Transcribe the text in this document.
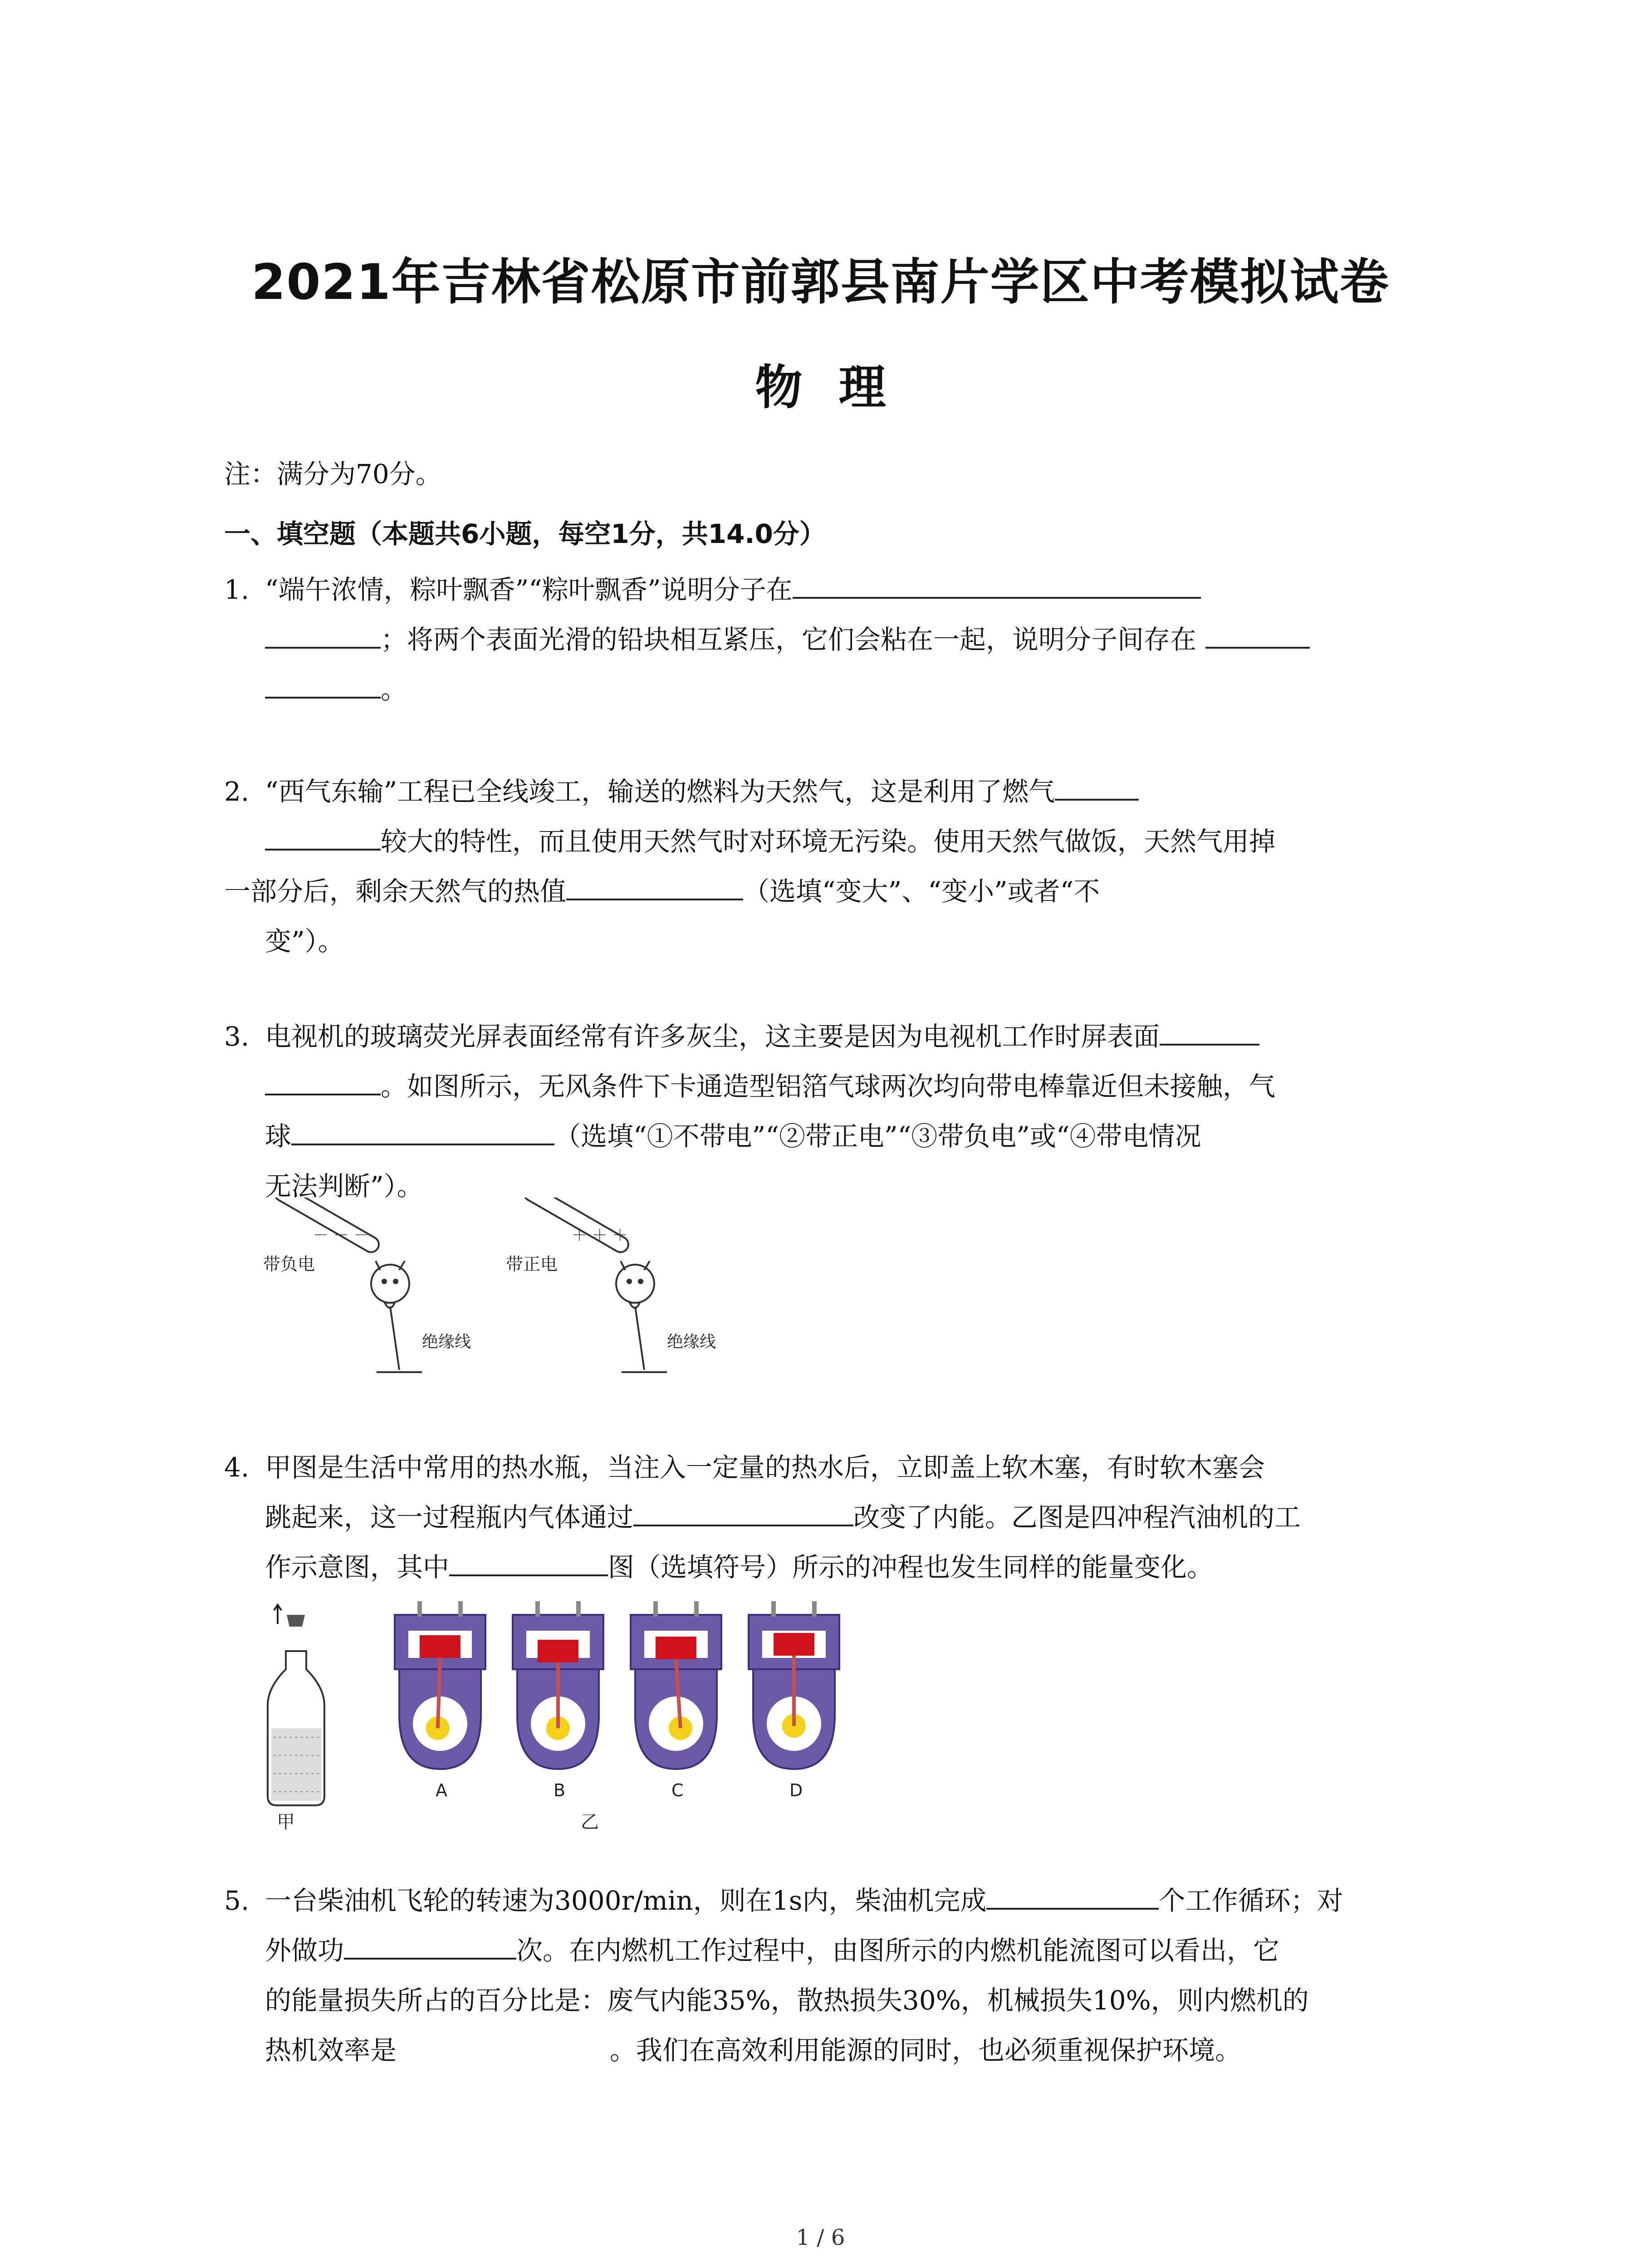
2021年吉林省松原市前郭县南片学区中考模拟试卷
物理
注：满分为70分。
一、填空题（本题共6小题，每空1分，共14.0分）
1. “端午浓情，粽叶飘香”“粽叶飘香”说明分子在
；将两个表面光滑的铅块相互紧压，它们会粘在一起，说明分子间存在
。
2. “西气东输”工程已全线竣工，输送的燃料为天然气，这是利用了燃气
较大的特性，而且使用天然气时对环境无污染。使用天然气做饭，天然气用掉
一部分后，剩余天然气的热值	（选填“变大”、“变小”或者“不
变”）。
3. 电视机的玻璃荧光屏表面经常有许多灰尘，这主要是因为电视机工作时屏表面
。如图所示，无风条件下卡通造型铝箔气球两次均向带电棒靠近但未接触，气
球	（选填“①不带电”“②带正电”“③带负电”或“④带电情况
无法判断”）。
－ － －
带负电
绝缘线
＋ ＋ ＋
带正电
绝缘线
4. 甲图是生活中常用的热水瓶，当注入一定量的热水后，立即盖上软木塞，有时软木塞会
跳起来，这一过程瓶内气体通过	改变了内能。乙图是四冲程汽油机的工
作示意图，其中	图（选填符号）所示的冲程也发生同样的能量变化。
甲
A	B	C	D
乙
5. 一台柴油机飞轮的转速为3000r/min，则在1s内，柴油机完成	个工作循环；对
外做功	次。在内燃机工作过程中，由图所示的内燃机能流图可以看出，它
的能量损失所占的百分比是：废气内能35%，散热损失30%，机械损失10%，则内燃机的
热机效率是	。我们在高效利用能源的同时，也必须重视保护环境。
1 / 6
